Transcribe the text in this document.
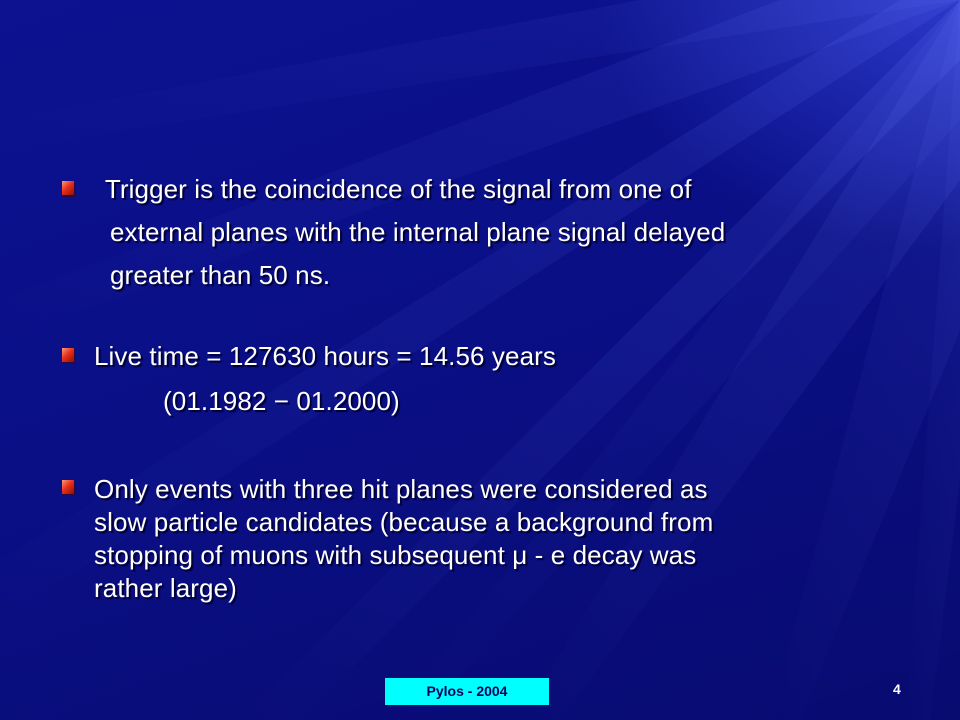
Trigger is the coincidence of the signal from one of
external planes with the internal plane signal delayed
greater than 50 ns.
Live time = 127630 hours = 14.56 years
(01.1982 − 01.2000)
Only events with three hit planes were considered as
slow particle candidates (because a background from
stopping of muons with subsequent μ - e decay was
rather large)
Pylos - 2004	4
